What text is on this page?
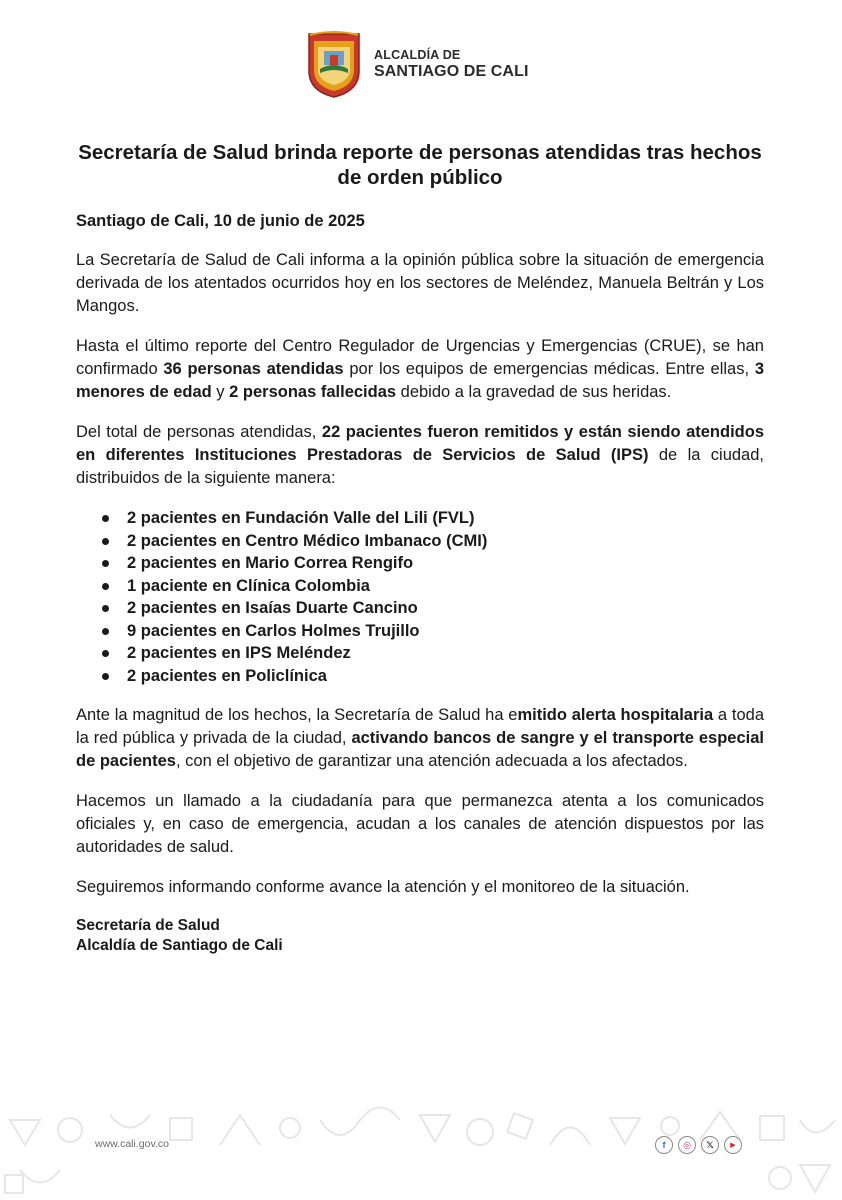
ALCALDÍA DE
SANTIAGO DE CALI
Secretaría de Salud brinda reporte de personas atendidas tras hechos de orden público

Santiago de Cali, 10 de junio de 2025

La Secretaría de Salud de Cali informa a la opinión pública sobre la situación de emergencia derivada de los atentados ocurridos hoy en los sectores de Meléndez, Manuela Beltrán y Los Mangos.

Hasta el último reporte del Centro Regulador de Urgencias y Emergencias (CRUE), se han confirmado 36 personas atendidas por los equipos de emergencias médicas. Entre ellas, 3 menores de edad y 2 personas fallecidas debido a la gravedad de sus heridas.

Del total de personas atendidas, 22 pacientes fueron remitidos y están siendo atendidos en diferentes Instituciones Prestadoras de Servicios de Salud (IPS) de la ciudad, distribuidos de la siguiente manera:

2 pacientes en Fundación Valle del Lili (FVL)
2 pacientes en Centro Médico Imbanaco (CMI)
2 pacientes en Mario Correa Rengifo
1 paciente en Clínica Colombia
2 pacientes en Isaías Duarte Cancino
9 pacientes en Carlos Holmes Trujillo
2 pacientes en IPS Meléndez
2 pacientes en Policlínica

Ante la magnitud de los hechos, la Secretaría de Salud ha emitido alerta hospitalaria a toda la red pública y privada de la ciudad, activando bancos de sangre y el transporte especial de pacientes, con el objetivo de garantizar una atención adecuada a los afectados.

Hacemos un llamado a la ciudadanía para que permanezca atenta a los comunicados oficiales y, en caso de emergencia, acudan a los canales de atención dispuestos por las autoridades de salud.

Seguiremos informando conforme avance la atención y el monitoreo de la situación.

Secretaría de Salud
Alcaldía de Santiago de Cali
www.cali.gov.co	f ◎ 𝕏 ▶
